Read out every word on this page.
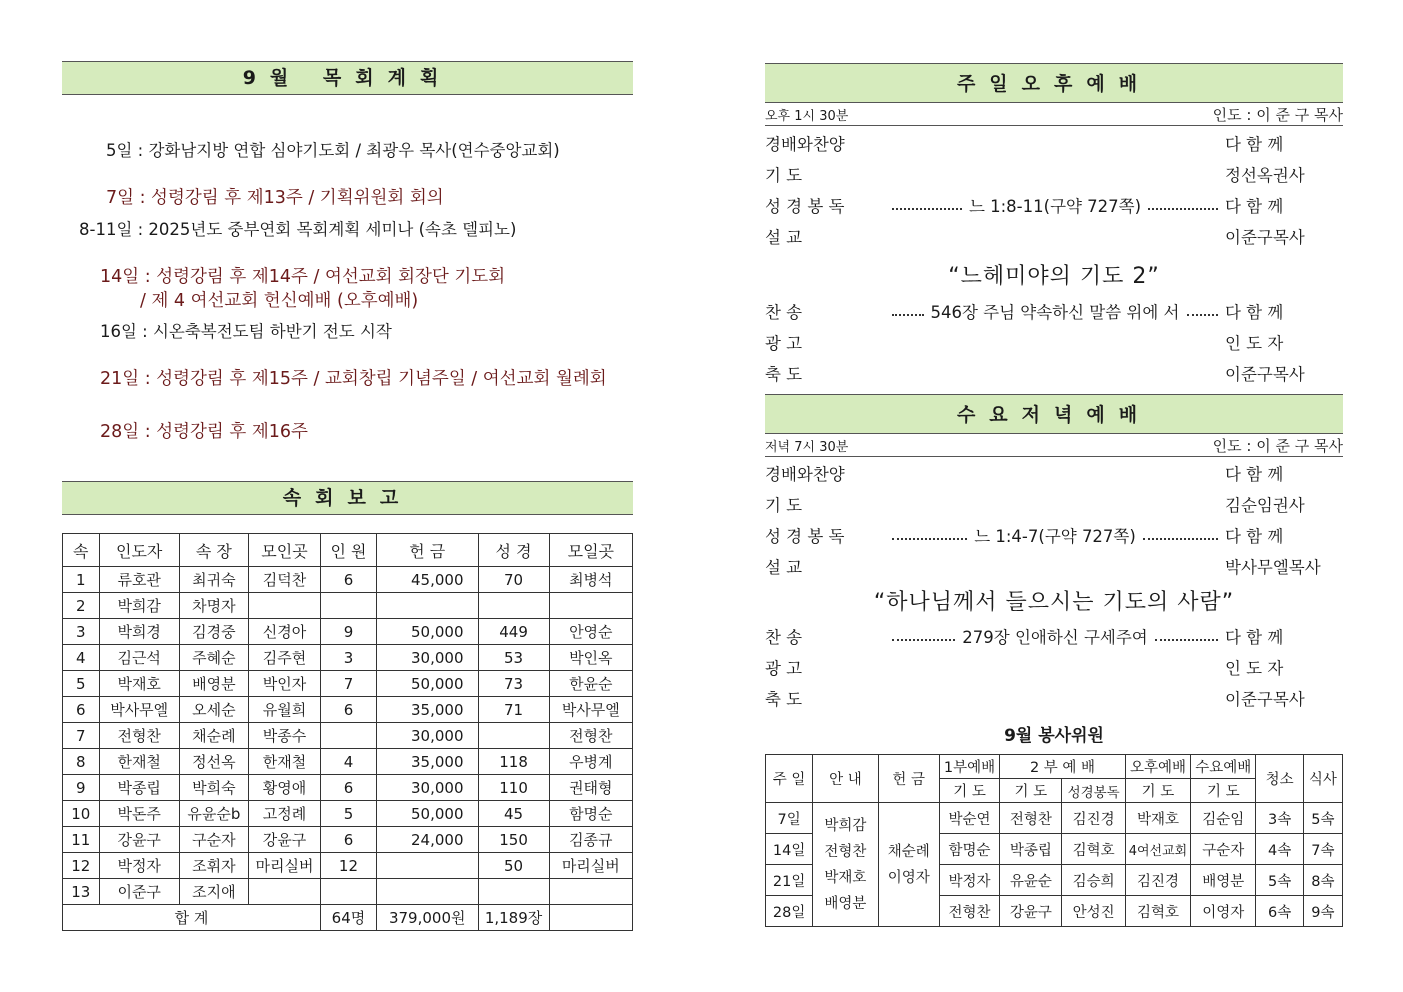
9월 목회계획
5일 : 강화남지방 연합 심야기도회 / 최광우 목사(연수중앙교회)
7일 : 성령강림 후 제13주 / 기획위원회 회의
8-11일 : 2025년도 중부연회 목회계획 세미나 (속초 델피노)
14일 : 성령강림 후 제14주 / 여선교회 회장단 기도회
/ 제 4 여선교회 헌신예배 (오후예배)
16일 : 시온축복전도팀 하반기 전도 시작
21일 : 성령강림 후 제15주 / 교회창립 기념주일 / 여선교회 월례회
28일 : 성령강림 후 제16주
속회보고
속	인도자	속 장	모인곳	인 원	헌 금	성 경	모일곳
1	류호관	최귀숙	김덕찬	6	45,000	70	최병석
2	박희감	차명자					
3	박희경	김경중	신경아	9	50,000	449	안영순
4	김근석	주혜순	김주현	3	30,000	53	박인옥
5	박재호	배영분	박인자	7	50,000	73	한윤순
6	박사무엘	오세순	유월희	6	35,000	71	박사무엘
7	전형찬	채순례	박종수		30,000		전형찬
8	한재철	정선옥	한재철	4	35,000	118	우병계
9	박종립	박희숙	황영애	6	30,000	110	권태형
10	박돈주	유윤순b	고정례	5	50,000	45	함명순
11	강윤구	구순자	강윤구	6	24,000	150	김종규
12	박정자	조휘자	마리실버	12		50	마리실버
13	이준구	조지애					
합 계				64명	379,000원	1,189장	
주일오후예배
오후 1시 30분	인도 : 이 준 구 목사
경배와찬양	다 함 께
기 도	정선옥권사
성 경 봉 독	느 1:8-11(구약 727쪽)	다 함 께
설 교	이준구목사
“느헤미야의 기도 2”
찬 송	546장 주님 약속하신 말씀 위에 서	다 함 께
광 고	인 도 자
축 도	이준구목사
수요저녁예배
저녁 7시 30분	인도 : 이 준 구 목사
경배와찬양	다 함 께
기 도	김순임권사
성 경 봉 독	느 1:4-7(구약 727쪽)	다 함 께
설 교	박사무엘목사
“하나님께서 들으시는 기도의 사람”
찬 송	279장 인애하신 구세주여	다 함 께
광 고	인 도 자
축 도	이준구목사
9월 봉사위원
주 일	안 내	헌 금	1부예배	2 부 예 배		오후예배	수요예배	청소	식사
			기 도	기 도	성경봉독	기 도	기 도		
7일	박희감 전형찬 박재호 배영분	채순례 이영자	박순연	전형찬	김진경	박재호	김순임	3속	5속
14일			함명순	박종립	김혁호	4여선교회	구순자	4속	7속
21일			박정자	유윤순	김승희	김진경	배영분	5속	8속
28일			전형찬	강윤구	안성진	김혁호	이영자	6속	9속
